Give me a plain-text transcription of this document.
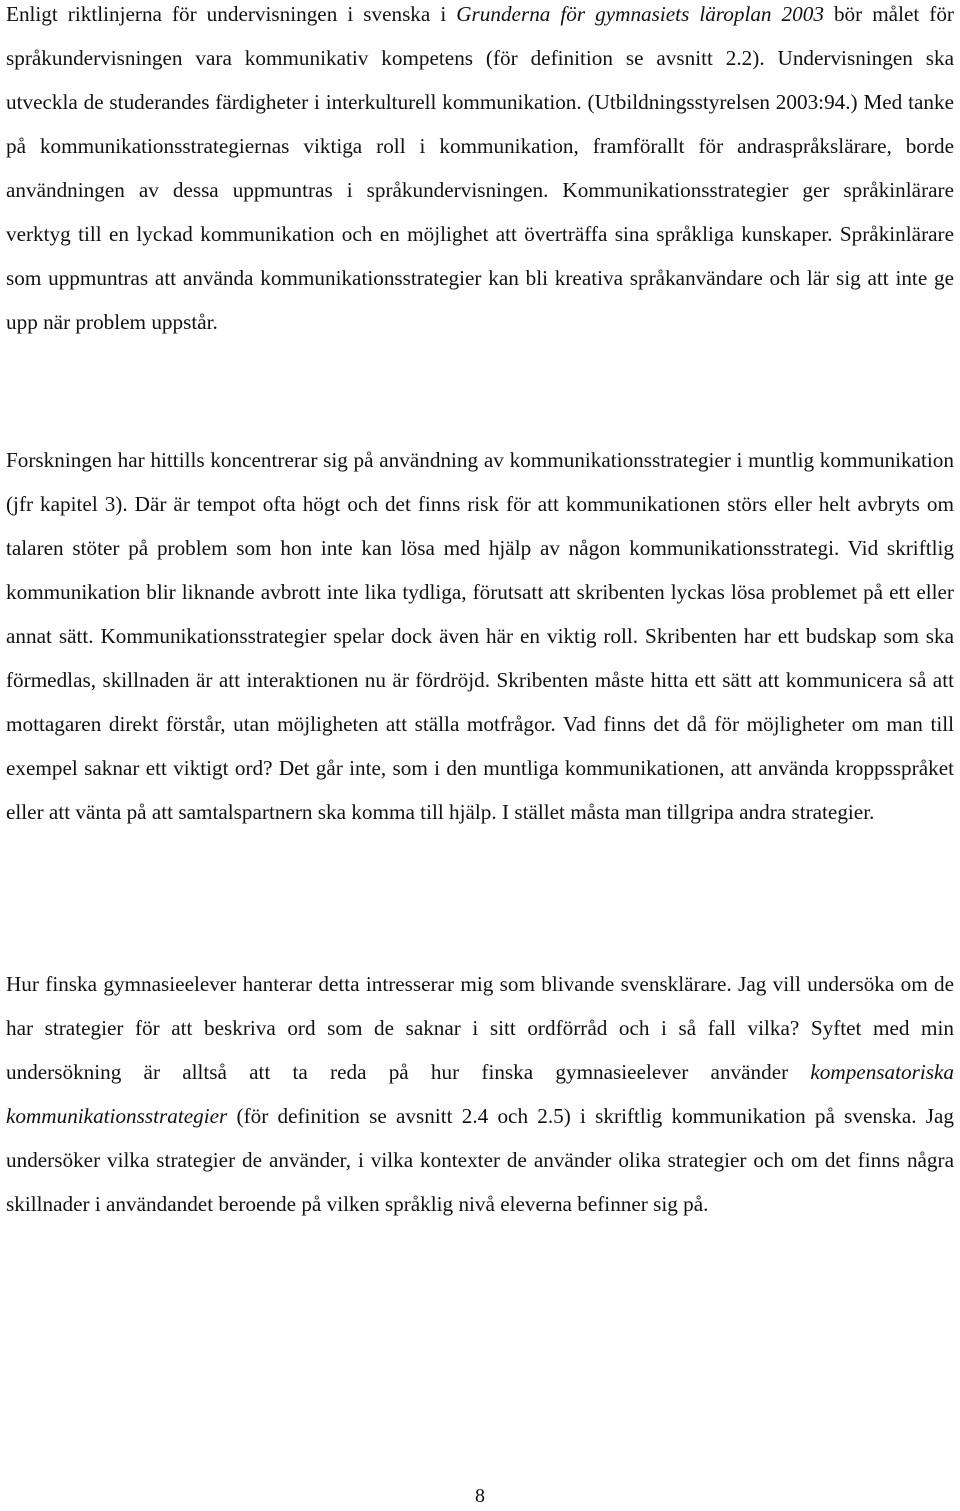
Enligt riktlinjerna för undervisningen i svenska i Grunderna för gymnasiets läroplan 2003 bör målet för språkundervisningen vara kommunikativ kompetens (för definition se avsnitt 2.2). Undervisningen ska utveckla de studerandes färdigheter i interkulturell kommunikation. (Utbildningsstyrelsen 2003:94.) Med tanke på kommunikationsstrategiernas viktiga roll i kommunikation, framförallt för andraspråkslärare, borde användningen av dessa uppmuntras i språkundervisningen. Kommunikationsstrategier ger språkinlärare verktyg till en lyckad kommunikation och en möjlighet att överträffa sina språkliga kunskaper. Språkinlärare som uppmuntras att använda kommunikationsstrategier kan bli kreativa språkanvändare och lär sig att inte ge upp när problem uppstår.

Forskningen har hittills koncentrerar sig på användning av kommunikationsstrategier i muntlig kommunikation (jfr kapitel 3). Där är tempot ofta högt och det finns risk för att kommunikationen störs eller helt avbryts om talaren stöter på problem som hon inte kan lösa med hjälp av någon kommunikationsstrategi. Vid skriftlig kommunikation blir liknande avbrott inte lika tydliga, förutsatt att skribenten lyckas lösa problemet på ett eller annat sätt. Kommunikationsstrategier spelar dock även här en viktig roll. Skribenten har ett budskap som ska förmedlas, skillnaden är att interaktionen nu är fördröjd. Skribenten måste hitta ett sätt att kommunicera så att mottagaren direkt förstår, utan möjligheten att ställa motfrågor. Vad finns det då för möjligheter om man till exempel saknar ett viktigt ord? Det går inte, som i den muntliga kommunikationen, att använda kroppsspråket eller att vänta på att samtalspartnern ska komma till hjälp. I stället måsta man tillgripa andra strategier.

Hur finska gymnasieelever hanterar detta intresserar mig som blivande svensklärare. Jag vill undersöka om de har strategier för att beskriva ord som de saknar i sitt ordförråd och i så fall vilka? Syftet med min undersökning är alltså att ta reda på hur finska gymnasieelever använder kompensatoriska kommunikationsstrategier (för definition se avsnitt 2.4 och 2.5) i skriftlig kommunikation på svenska. Jag undersöker vilka strategier de använder, i vilka kontexter de använder olika strategier och om det finns några skillnader i användandet beroende på vilken språklig nivå eleverna befinner sig på.

8
